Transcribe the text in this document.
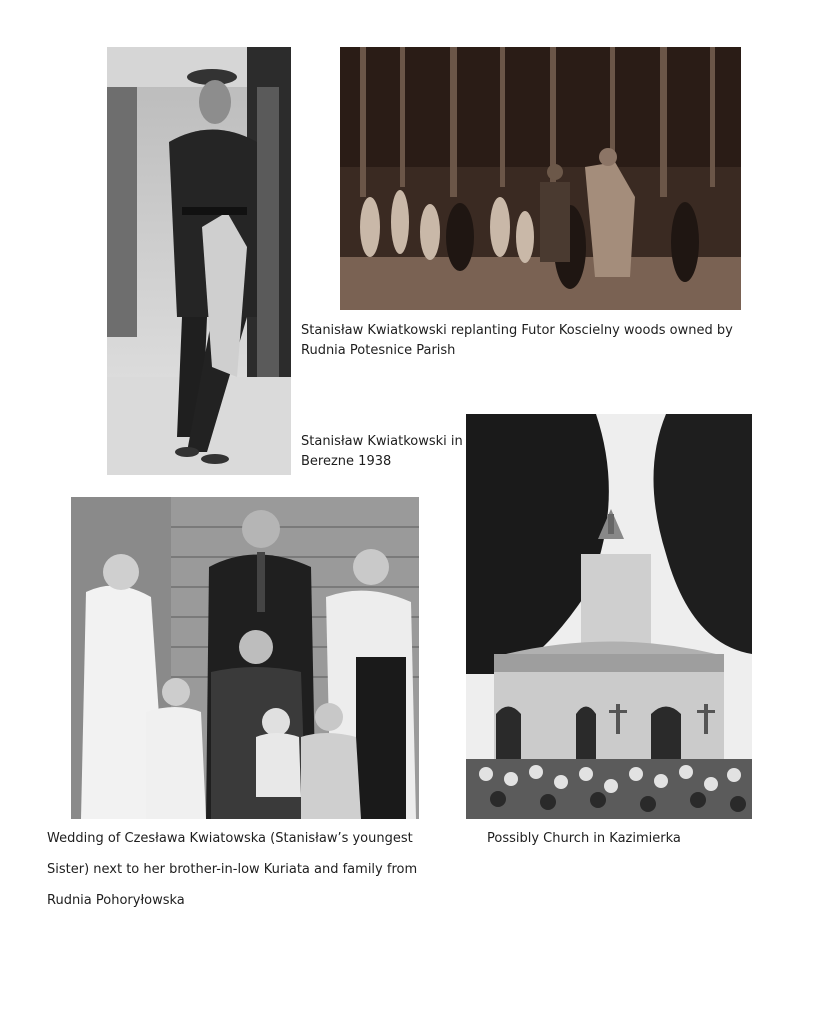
Stanisław Kwiatkowski replanting Futor Koscielny woods owned by Rudnia Potesnice Parish

Stanisław Kwiatkowski in
Berezne 1938

Wedding of Czesława Kwiatowska (Stanisław’s youngest

Sister) next to her brother-in-low Kuriata and family from

Rudnia Pohoryłowska

Possibly Church in Kazimierka
